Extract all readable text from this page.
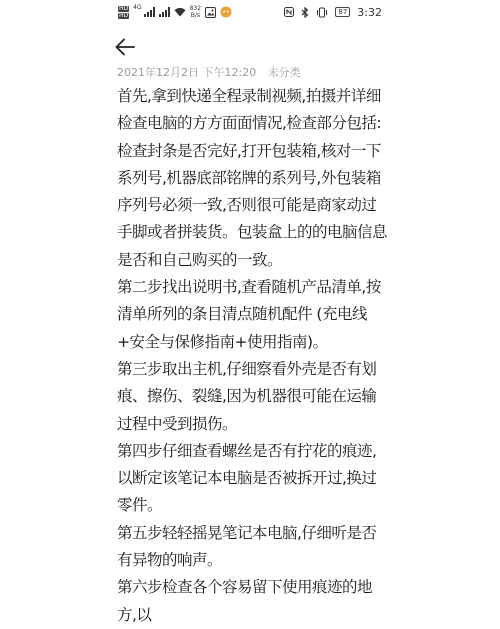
HD
HD
4G	832
B/s	87 3:32
2021年12月2日 下午12:20 未分类

首先,拿到快递全程录制视频,拍摄并详细检查电脑的方方面面情况,检查部分包括:检查封条是否完好,打开包装箱,核对一下系列号,机器底部铭牌的系列号,外包装箱序列号必须一致,否则很可能是商家动过手脚或者拼装货。包装盒上的的电脑信息是否和自己购买的一致。

第二步找出说明书,查看随机产品清单,按清单所列的条目清点随机配件 (充电线+安全与保修指南+使用指南)。

第三步取出主机,仔细察看外壳是否有划痕、擦伤、裂缝,因为机器很可能在运输过程中受到损伤。

第四步仔细查看螺丝是否有拧花的痕迹,以断定该笔记本电脑是否被拆开过,换过零件。

第五步轻轻摇晃笔记本电脑,仔细听是否有异物的响声。

第六步检查各个容易留下使用痕迹的地方,以
